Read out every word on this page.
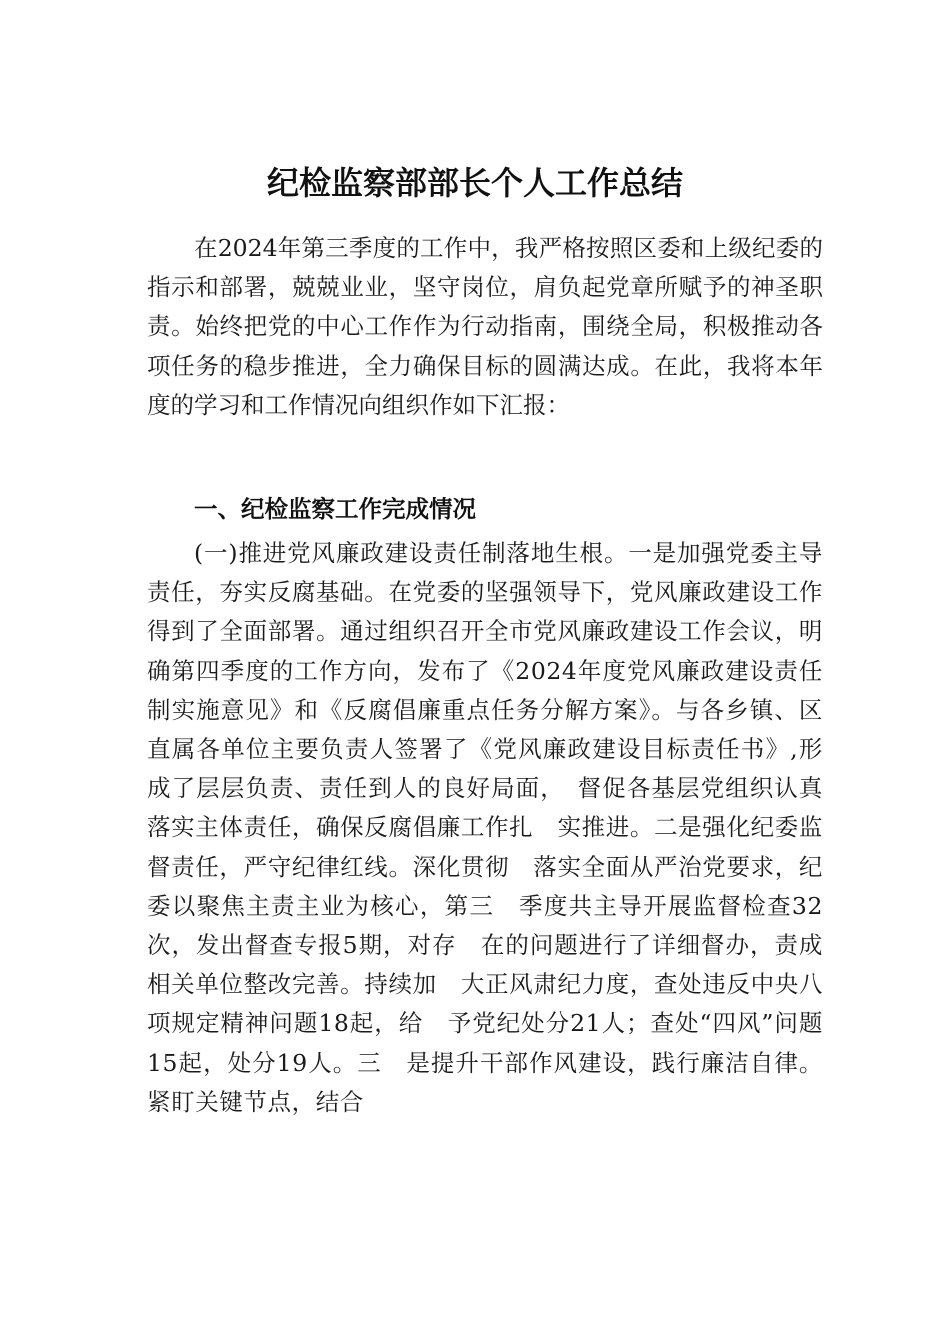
纪检监察部部长个人工作总结

在2024年第三季度的工作中，我严格按照区委和上级纪委的指示和部署，兢兢业业，坚守岗位，肩负起党章所赋予的神圣职责。始终把党的中心工作作为行动指南，围绕全局，积极推动各项任务的稳步推进，全力确保目标的圆满达成。在此，我将本年度的学习和工作情况向组织作如下汇报：

一、纪检监察工作完成情况

(一)推进党风廉政建设责任制落地生根。一是加强党委主导责任，夯实反腐基础。在党委的坚强领导下，党风廉政建设工作得到了全面部署。通过组织召开全市党风廉政建设工作会议，明确第四季度的工作方向，发布了《2024年度党风廉政建设责任制实施意见》和《反腐倡廉重点任务分解方案》。与各乡镇、区直属各单位主要负责人签署了《党风廉政建设目标责任书》,形成了层层负责、责任到人的良好局面，　督促各基层党组织认真落实主体责任，确保反腐倡廉工作扎　实推进。二是强化纪委监督责任，严守纪律红线。深化贯彻　落实全面从严治党要求，纪委以聚焦主责主业为核心，第三　季度共主导开展监督检查32次，发出督查专报5期，对存　在的问题进行了详细督办，责成相关单位整改完善。持续加　大正风肃纪力度，查处违反中央八项规定精神问题18起，给　予党纪处分21人；查处“四风”问题15起，处分19人。三　是提升干部作风建设，践行廉洁自律。紧盯关键节点，结合
